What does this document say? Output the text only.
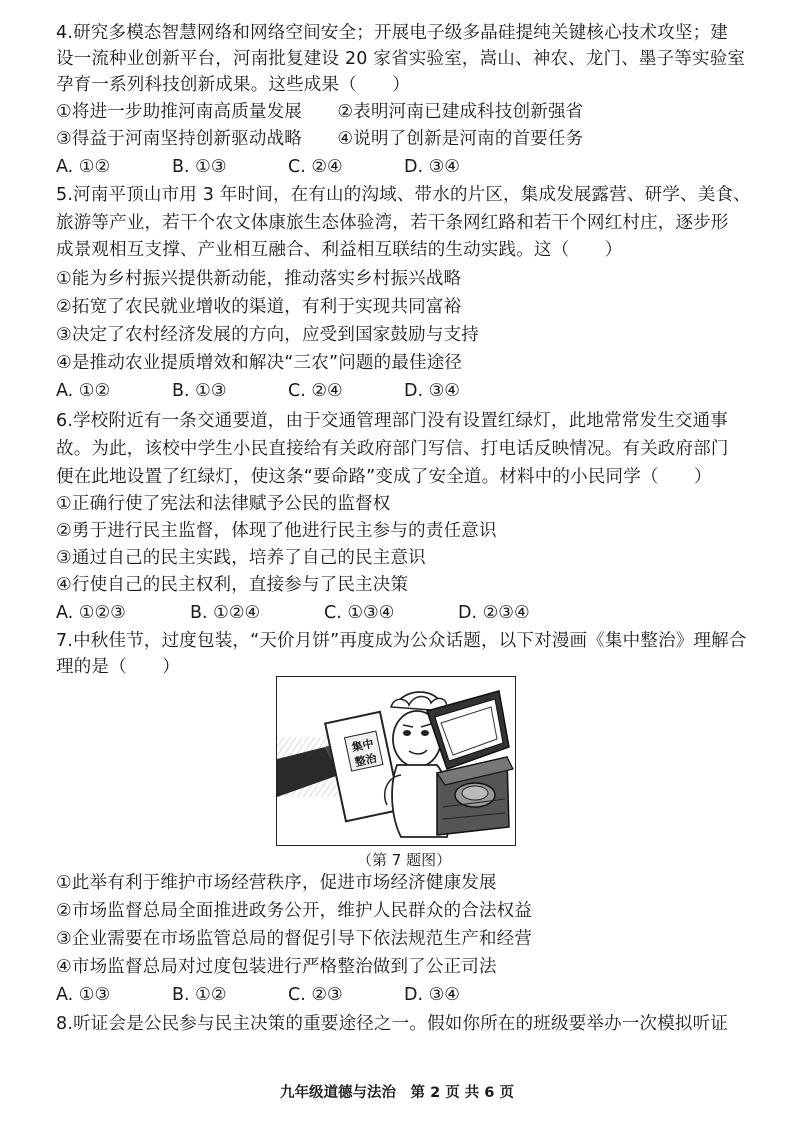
4.研究多模态智慧网络和网络空间安全；开展电子级多晶硅提纯关键核心技术攻坚；建
设一流种业创新平台，河南批复建设 20 家省实验室，嵩山、神农、龙门、墨子等实验室
孕育一系列科技创新成果。这些成果（　　）
①将进一步助推河南高质量发展　　②表明河南已建成科技创新强省
③得益于河南坚持创新驱动战略　　④说明了创新是河南的首要任务
A. ①②	B. ①③	C. ②④	D. ③④
5.河南平顶山市用 3 年时间，在有山的沟域、带水的片区，集成发展露营、研学、美食、
旅游等产业，若干个农文体康旅生态体验湾，若干条网红路和若干个网红村庄，逐步形
成景观相互支撑、产业相互融合、利益相互联结的生动实践。这（　　）
①能为乡村振兴提供新动能，推动落实乡村振兴战略
②拓宽了农民就业增收的渠道，有利于实现共同富裕
③决定了农村经济发展的方向，应受到国家鼓励与支持
④是推动农业提质增效和解决“三农”问题的最佳途径
A. ①②	B. ①③	C. ②④	D. ③④
6.学校附近有一条交通要道，由于交通管理部门没有设置红绿灯，此地常常发生交通事
故。为此，该校中学生小民直接给有关政府部门写信、打电话反映情况。有关政府部门
便在此地设置了红绿灯，使这条“要命路”变成了安全道。材料中的小民同学（　　）
①正确行使了宪法和法律赋予公民的监督权
②勇于进行民主监督，体现了他进行民主参与的责任意识
③通过自己的民主实践，培养了自己的民主意识
④行使自己的民主权利，直接参与了民主决策
A. ①②③	B. ①②④	C. ①③④	D. ②③④
7.中秋佳节，过度包装，“天价月饼”再度成为公众话题，以下对漫画《集中整治》理解合
理的是（　　）
集中
整治
（第 7 题图）
①此举有利于维护市场经营秩序，促进市场经济健康发展
②市场监督总局全面推进政务公开，维护人民群众的合法权益
③企业需要在市场监管总局的督促引导下依法规范生产和经营
④市场监督总局对过度包装进行严格整治做到了公正司法
A. ①③	B. ①②	C. ②③	D. ③④
8.听证会是公民参与民主决策的重要途径之一。假如你所在的班级要举办一次模拟听证
九年级道德与法治　第 2 页 共 6 页
